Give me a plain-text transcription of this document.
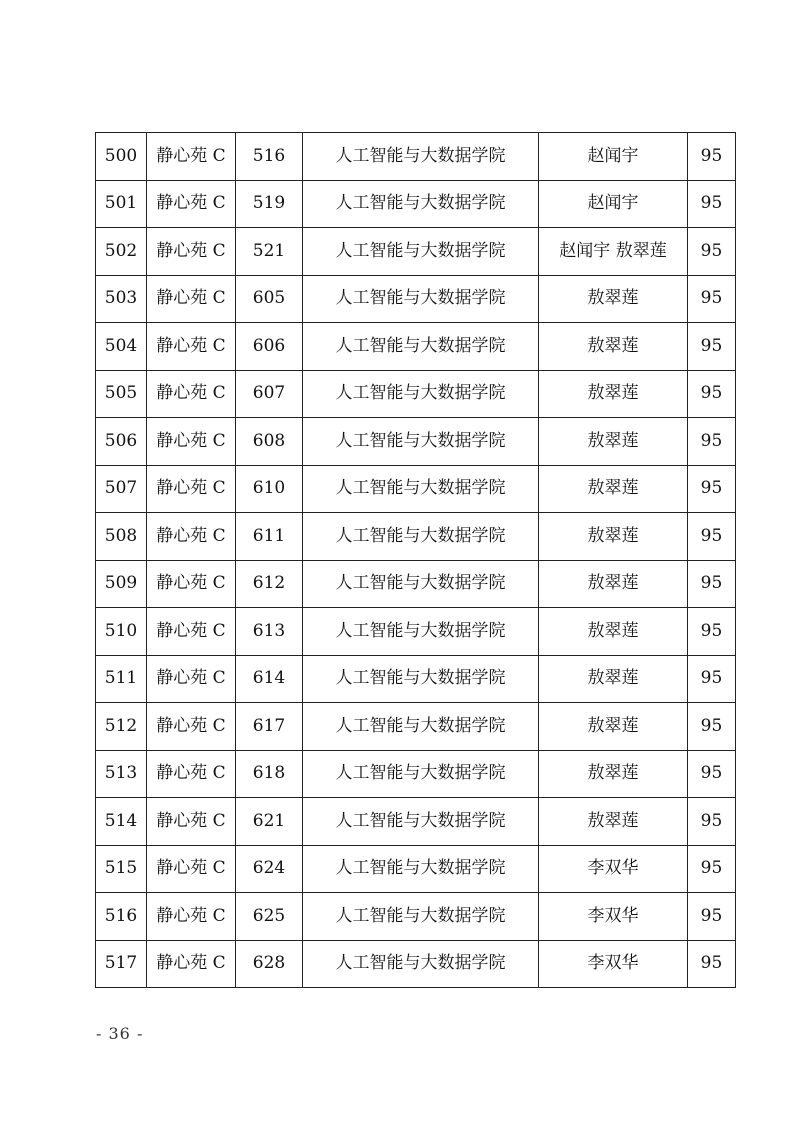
500	静心苑 C	516	人工智能与大数据学院	赵闻宇	95
501	静心苑 C	519	人工智能与大数据学院	赵闻宇	95
502	静心苑 C	521	人工智能与大数据学院	赵闻宇 敖翠莲	95
503	静心苑 C	605	人工智能与大数据学院	敖翠莲	95
504	静心苑 C	606	人工智能与大数据学院	敖翠莲	95
505	静心苑 C	607	人工智能与大数据学院	敖翠莲	95
506	静心苑 C	608	人工智能与大数据学院	敖翠莲	95
507	静心苑 C	610	人工智能与大数据学院	敖翠莲	95
508	静心苑 C	611	人工智能与大数据学院	敖翠莲	95
509	静心苑 C	612	人工智能与大数据学院	敖翠莲	95
510	静心苑 C	613	人工智能与大数据学院	敖翠莲	95
511	静心苑 C	614	人工智能与大数据学院	敖翠莲	95
512	静心苑 C	617	人工智能与大数据学院	敖翠莲	95
513	静心苑 C	618	人工智能与大数据学院	敖翠莲	95
514	静心苑 C	621	人工智能与大数据学院	敖翠莲	95
515	静心苑 C	624	人工智能与大数据学院	李双华	95
516	静心苑 C	625	人工智能与大数据学院	李双华	95
517	静心苑 C	628	人工智能与大数据学院	李双华	95
- 36 -
